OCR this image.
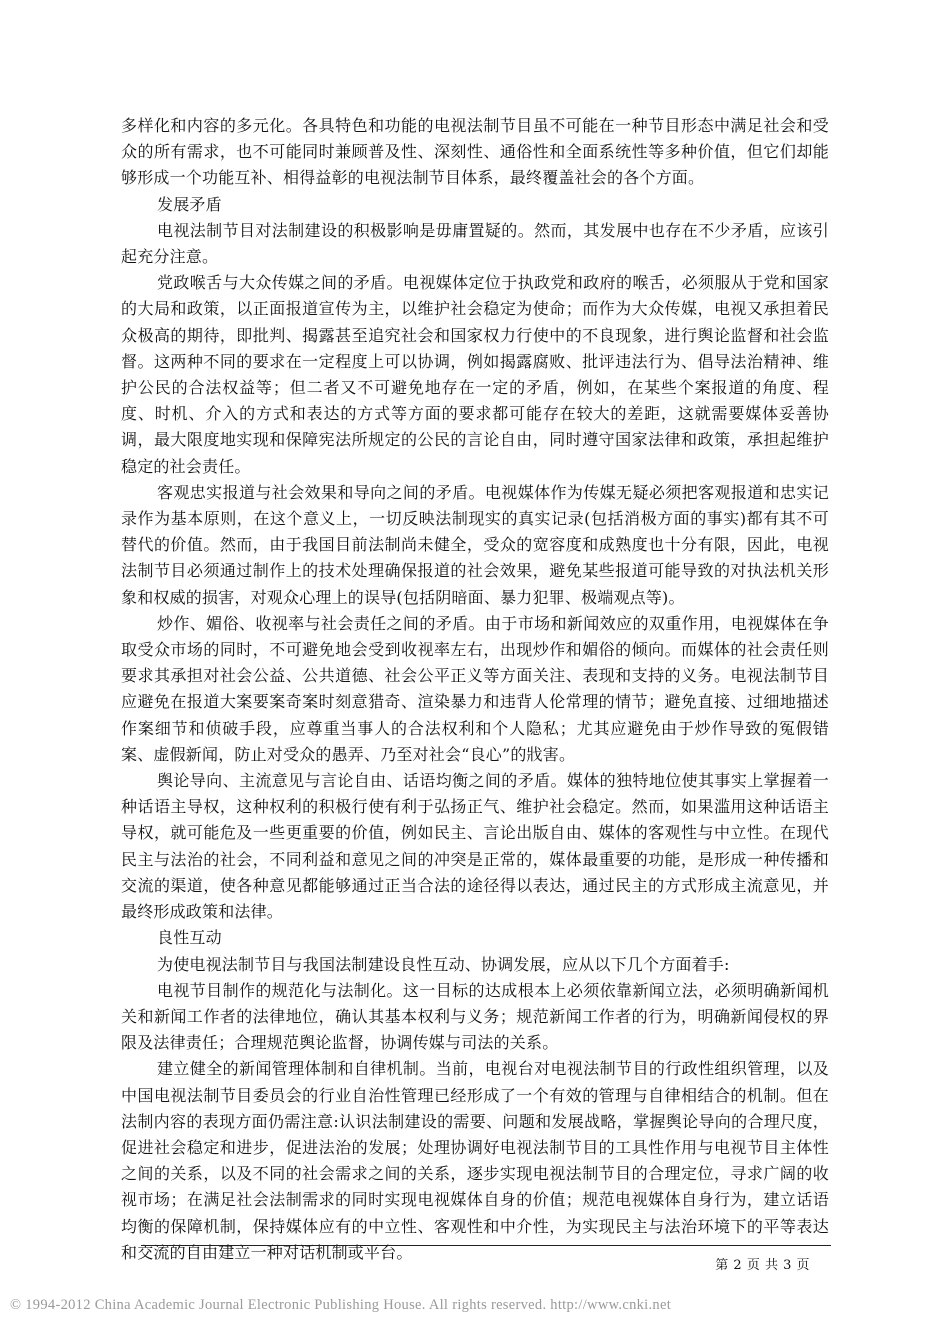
多样化和内容的多元化。各具特色和功能的电视法制节目虽不可能在一种节目形态中满足社会和受众的所有需求，也不可能同时兼顾普及性、深刻性、通俗性和全面系统性等多种价值，但它们却能够形成一个功能互补、相得益彰的电视法制节目体系，最终覆盖社会的各个方面。

发展矛盾

电视法制节目对法制建设的积极影响是毋庸置疑的。然而，其发展中也存在不少矛盾，应该引起充分注意。

党政喉舌与大众传媒之间的矛盾。电视媒体定位于执政党和政府的喉舌，必须服从于党和国家的大局和政策，以正面报道宣传为主，以维护社会稳定为使命；而作为大众传媒，电视又承担着民众极高的期待，即批判、揭露甚至追究社会和国家权力行使中的不良现象，进行舆论监督和社会监督。这两种不同的要求在一定程度上可以协调，例如揭露腐败、批评违法行为、倡导法治精神、维护公民的合法权益等；但二者又不可避免地存在一定的矛盾，例如，在某些个案报道的角度、程度、时机、介入的方式和表达的方式等方面的要求都可能存在较大的差距，这就需要媒体妥善协调，最大限度地实现和保障宪法所规定的公民的言论自由，同时遵守国家法律和政策，承担起维护稳定的社会责任。

客观忠实报道与社会效果和导向之间的矛盾。电视媒体作为传媒无疑必须把客观报道和忠实记录作为基本原则，在这个意义上，一切反映法制现实的真实记录(包括消极方面的事实)都有其不可替代的价值。然而，由于我国目前法制尚未健全，受众的宽容度和成熟度也十分有限，因此，电视法制节目必须通过制作上的技术处理确保报道的社会效果，避免某些报道可能导致的对执法机关形象和权威的损害，对观众心理上的误导(包括阴暗面、暴力犯罪、极端观点等)。

炒作、媚俗、收视率与社会责任之间的矛盾。由于市场和新闻效应的双重作用，电视媒体在争取受众市场的同时，不可避免地会受到收视率左右，出现炒作和媚俗的倾向。而媒体的社会责任则要求其承担对社会公益、公共道德、社会公平正义等方面关注、表现和支持的义务。电视法制节目应避免在报道大案要案奇案时刻意猎奇、渲染暴力和违背人伦常理的情节；避免直接、过细地描述作案细节和侦破手段，应尊重当事人的合法权利和个人隐私；尤其应避免由于炒作导致的冤假错案、虚假新闻，防止对受众的愚弄、乃至对社会“良心”的戕害。

舆论导向、主流意见与言论自由、话语均衡之间的矛盾。媒体的独特地位使其事实上掌握着一种话语主导权，这种权利的积极行使有利于弘扬正气、维护社会稳定。然而，如果滥用这种话语主导权，就可能危及一些更重要的价值，例如民主、言论出版自由、媒体的客观性与中立性。在现代民主与法治的社会，不同利益和意见之间的冲突是正常的，媒体最重要的功能，是形成一种传播和交流的渠道，使各种意见都能够通过正当合法的途径得以表达，通过民主的方式形成主流意见，并最终形成政策和法律。

良性互动

为使电视法制节目与我国法制建设良性互动、协调发展，应从以下几个方面着手:

电视节目制作的规范化与法制化。这一目标的达成根本上必须依靠新闻立法，必须明确新闻机关和新闻工作者的法律地位，确认其基本权利与义务；规范新闻工作者的行为，明确新闻侵权的界限及法律责任；合理规范舆论监督，协调传媒与司法的关系。

建立健全的新闻管理体制和自律机制。当前，电视台对电视法制节目的行政性组织管理，以及中国电视法制节目委员会的行业自治性管理已经形成了一个有效的管理与自律相结合的机制。但在法制内容的表现方面仍需注意:认识法制建设的需要、问题和发展战略，掌握舆论导向的合理尺度，促进社会稳定和进步，促进法治的发展；处理协调好电视法制节目的工具性作用与电视节目主体性之间的关系，以及不同的社会需求之间的关系，逐步实现电视法制节目的合理定位，寻求广阔的收视市场；在满足社会法制需求的同时实现电视媒体自身的价值；规范电视媒体自身行为，建立话语均衡的保障机制，保持媒体应有的中立性、客观性和中介性，为实现民主与法治环境下的平等表达和交流的自由建立一种对话机制或平台。

第 2 页 共 3 页
© 1994-2012 China Academic Journal Electronic Publishing House. All rights reserved. http://www.cnki.net
